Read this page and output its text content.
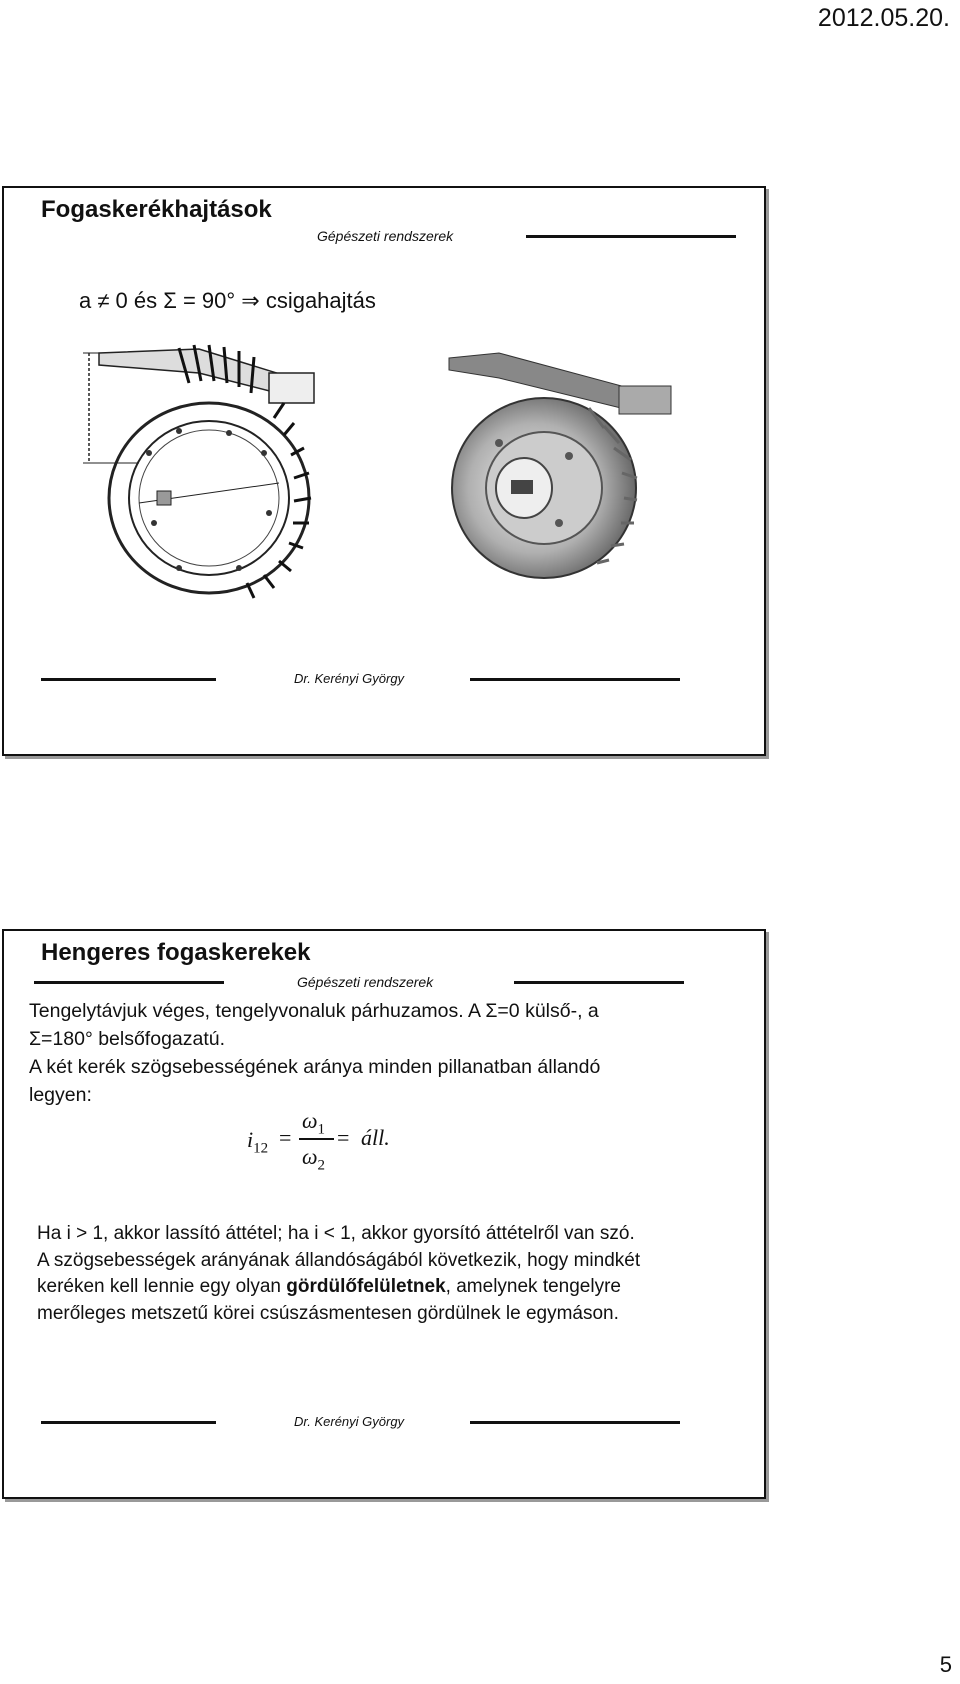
2012.05.20.
Fogaskerékhajtások
Gépészeti rendszerek
a ≠ 0 és Σ = 90° ⇒ csigahajtás
Dr. Kerényi György
Hengeres fogaskerekek
Gépészeti rendszerek
Tengelytávjuk véges, tengelyvonaluk párhuzamos. A Σ=0 külső-, a
Σ=180° belsőfogazatú.
A két kerék szögsebességének aránya minden pillanatban állandó
legyen:
$i_{12}$ =
$\omega_1$
$\omega_2$
= áll.
Ha i > 1, akkor lassító áttétel; ha i < 1, akkor gyorsító áttételről van szó.
A szögsebességek arányának állandóságából következik, hogy mindkét
keréken kell lennie egy olyan gördülőfelületnek, amelynek tengelyre
merőleges metszetű körei csúszásmentesen gördülnek le egymáson.
Dr. Kerényi György
5
